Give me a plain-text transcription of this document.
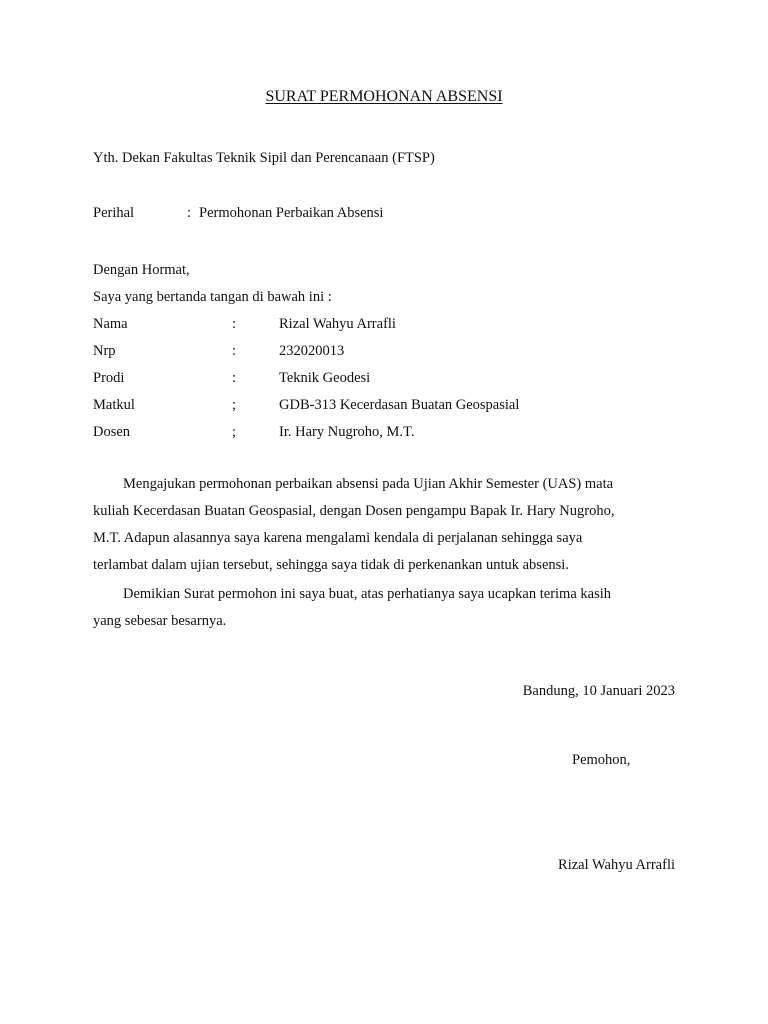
SURAT PERMOHONAN ABSENSI
Yth. Dekan Fakultas Teknik Sipil dan Perencanaan (FTSP)
Perihal	: Permohonan Perbaikan Absensi
Dengan Hormat,
Saya yang bertanda tangan di bawah ini :
Nama	:	Rizal Wahyu Arrafli
Nrp	:	232020013
Prodi	:	Teknik Geodesi
Matkul	;	GDB-313 Kecerdasan Buatan Geospasial
Dosen	;	Ir. Hary Nugroho, M.T.
Mengajukan permohonan perbaikan absensi pada Ujian Akhir Semester (UAS) mata
kuliah Kecerdasan Buatan Geospasial, dengan Dosen pengampu Bapak Ir. Hary Nugroho,
M.T. Adapun alasannya saya karena mengalami kendala di perjalanan sehingga saya
terlambat dalam ujian tersebut, sehingga saya tidak di perkenankan untuk absensi.
Demikian Surat permohon ini saya buat, atas perhatianya saya ucapkan terima kasih
yang sebesar besarnya.
Bandung, 10 Januari 2023
Pemohon,
Rizal Wahyu Arrafli
